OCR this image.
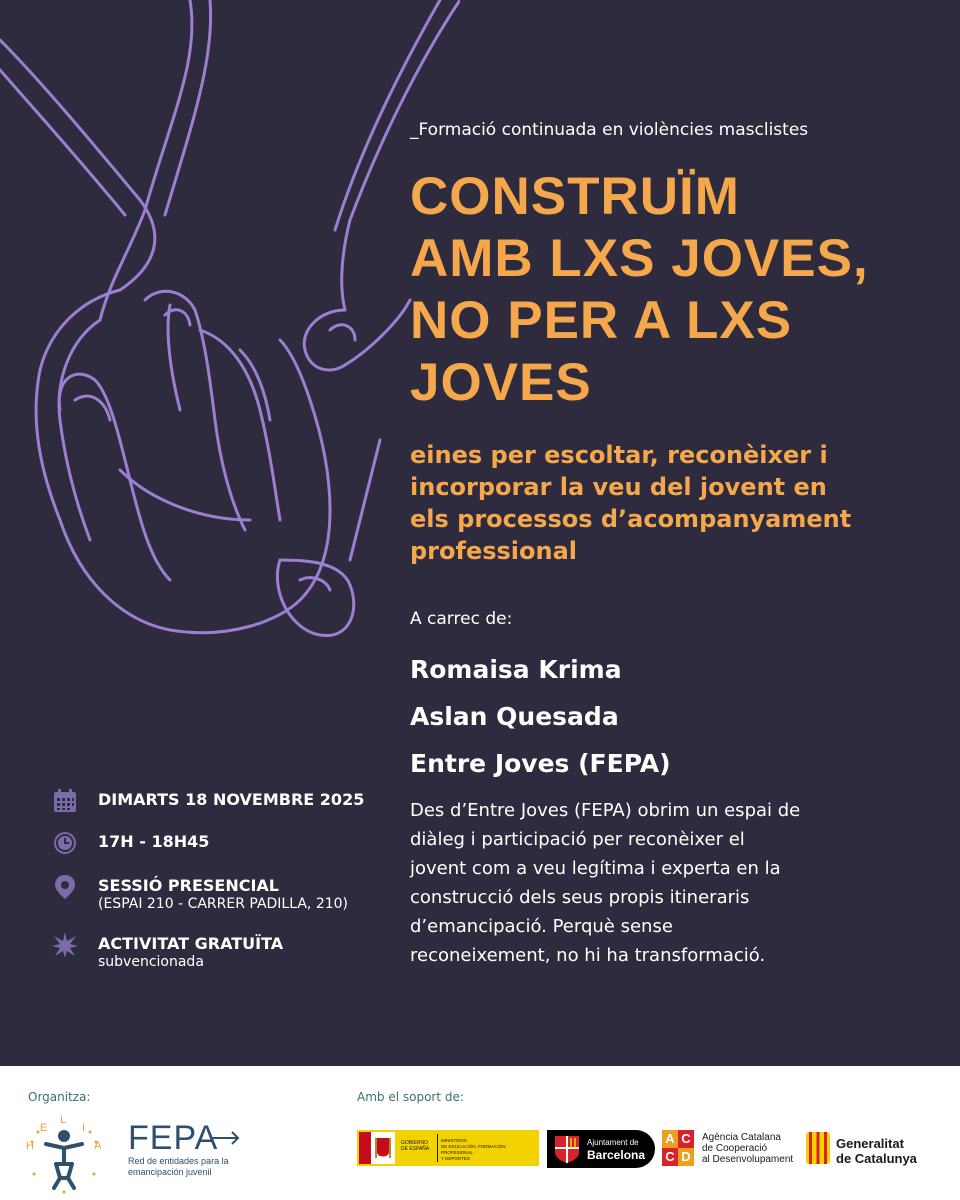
_Formació continuada en violències masclistes
CONSTRUÏM
AMB LXS JOVES,
NO PER A LXS
JOVES
eines per escoltar, reconèixer i
incorporar la veu del jovent en
els processos d’acompanyament
professional
A carrec de:
Romaisa Krima
Aslan Quesada
Entre Joves (FEPA)
Des d’Entre Joves (FEPA) obrim un espai de
diàleg i participació per reconèixer el
jovent com a veu legítima i experta en la
construcció dels seus propis itineraris
d’emancipació. Perquè sense
reconeixement, no hi ha transformació.
DIMARTS 18 NOVEMBRE 2025
17H - 18H45
SESSIÓ PRESENCIAL
(ESPAI 210 - CARRER PADILLA, 210)
ACTIVITAT GRATUÏTA
subvencionada
Organitza:	Amb el soport de:
H
E
L
I
A FEPA
Red de entidades para la
emancipación juvenil
GOBIERNO
DE ESPAÑA
MINISTERIO
DE EDUCACIÓN, FORMACIÓN PROFESIONAL
Y DEPORTES
Ajuntament de
Barcelona
A C
C D
Agència Catalana
de Cooperació
al Desenvolupament
Generalitat
de Catalunya
